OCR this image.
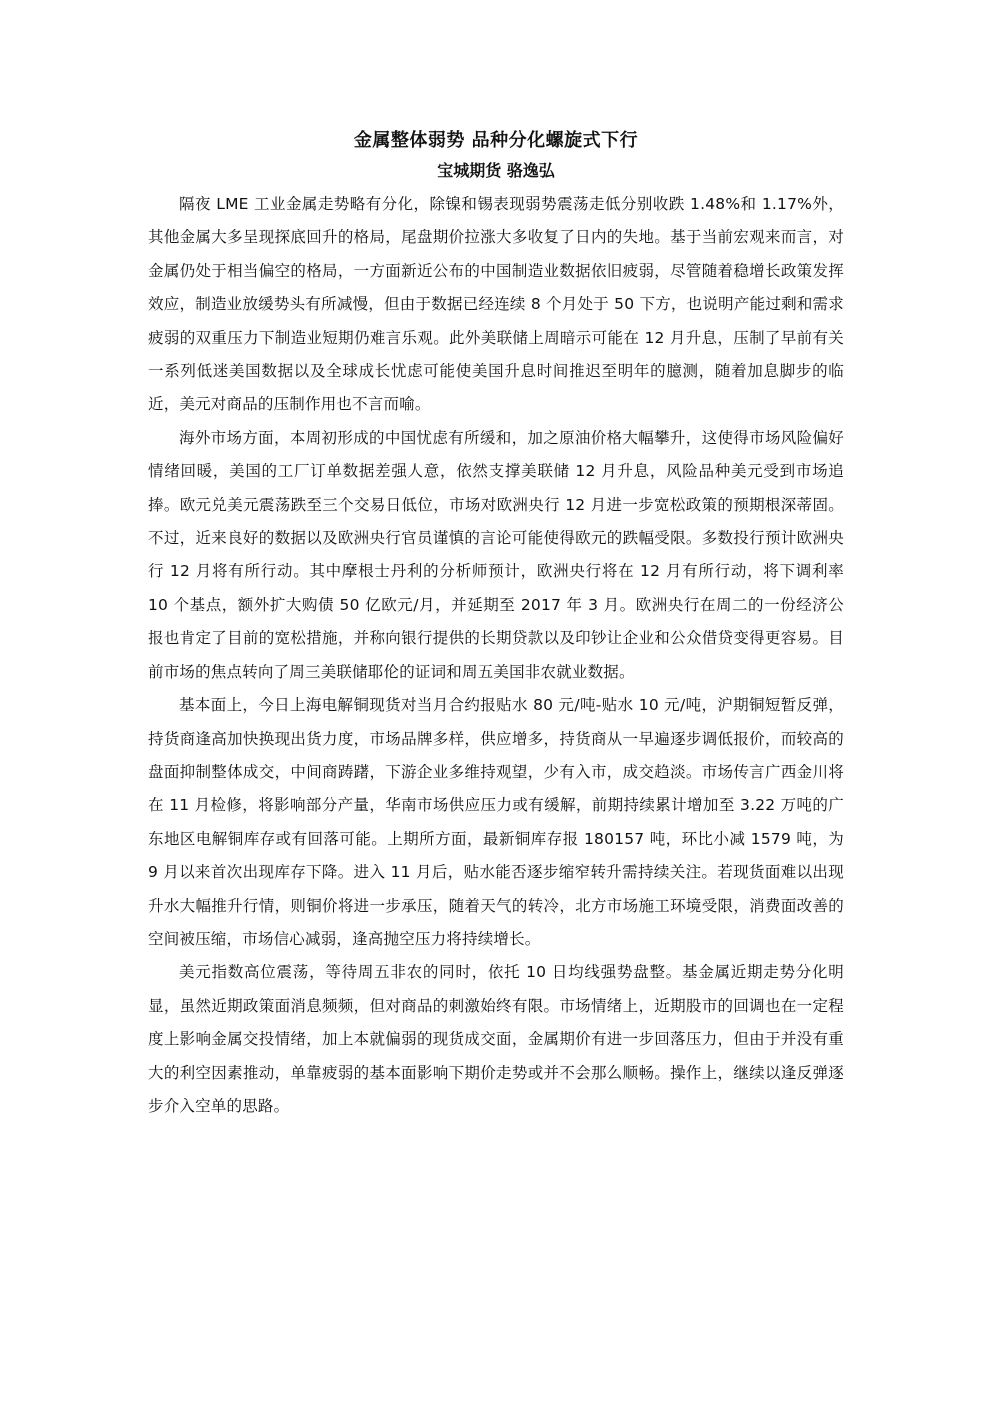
金属整体弱势 品种分化螺旋式下行
宝城期货 骆逸弘

隔夜 LME 工业金属走势略有分化，除镍和锡表现弱势震荡走低分别收跌 1.48%和 1.17%外，其他金属大多呈现探底回升的格局，尾盘期价拉涨大多收复了日内的失地。基于当前宏观来而言，对金属仍处于相当偏空的格局，一方面新近公布的中国制造业数据依旧疲弱，尽管随着稳增长政策发挥效应，制造业放缓势头有所减慢，但由于数据已经连续 8 个月处于 50 下方，也说明产能过剩和需求疲弱的双重压力下制造业短期仍难言乐观。此外美联储上周暗示可能在 12 月升息，压制了早前有关一系列低迷美国数据以及全球成长忧虑可能使美国升息时间推迟至明年的臆测，随着加息脚步的临近，美元对商品的压制作用也不言而喻。

海外市场方面，本周初形成的中国忧虑有所缓和，加之原油价格大幅攀升，这使得市场风险偏好情绪回暖，美国的工厂订单数据差强人意，依然支撑美联储 12 月升息，风险品种美元受到市场追捧。欧元兑美元震荡跌至三个交易日低位，市场对欧洲央行 12 月进一步宽松政策的预期根深蒂固。不过，近来良好的数据以及欧洲央行官员谨慎的言论可能使得欧元的跌幅受限。多数投行预计欧洲央行 12 月将有所行动。其中摩根士丹利的分析师预计，欧洲央行将在 12 月有所行动，将下调利率 10 个基点，额外扩大购债 50 亿欧元/月，并延期至 2017 年 3 月。欧洲央行在周二的一份经济公报也肯定了目前的宽松措施，并称向银行提供的长期贷款以及印钞让企业和公众借贷变得更容易。目前市场的焦点转向了周三美联储耶伦的证词和周五美国非农就业数据。

基本面上，今日上海电解铜现货对当月合约报贴水 80 元/吨-贴水 10 元/吨，沪期铜短暂反弹，持货商逢高加快换现出货力度，市场品牌多样，供应增多，持货商从一早遍逐步调低报价，而较高的盘面抑制整体成交，中间商踌躇，下游企业多维持观望，少有入市，成交趋淡。市场传言广西金川将在 11 月检修，将影响部分产量，华南市场供应压力或有缓解，前期持续累计增加至 3.22 万吨的广东地区电解铜库存或有回落可能。上期所方面，最新铜库存报 180157 吨，环比小减 1579 吨，为 9 月以来首次出现库存下降。进入 11 月后，贴水能否逐步缩窄转升需持续关注。若现货面难以出现升水大幅推升行情，则铜价将进一步承压，随着天气的转冷，北方市场施工环境受限，消费面改善的空间被压缩，市场信心减弱，逢高抛空压力将持续增长。

美元指数高位震荡，等待周五非农的同时，依托 10 日均线强势盘整。基金属近期走势分化明显，虽然近期政策面消息频频，但对商品的刺激始终有限。市场情绪上，近期股市的回调也在一定程度上影响金属交投情绪，加上本就偏弱的现货成交面，金属期价有进一步回落压力，但由于并没有重大的利空因素推动，单靠疲弱的基本面影响下期价走势或并不会那么顺畅。操作上，继续以逢反弹逐步介入空单的思路。
